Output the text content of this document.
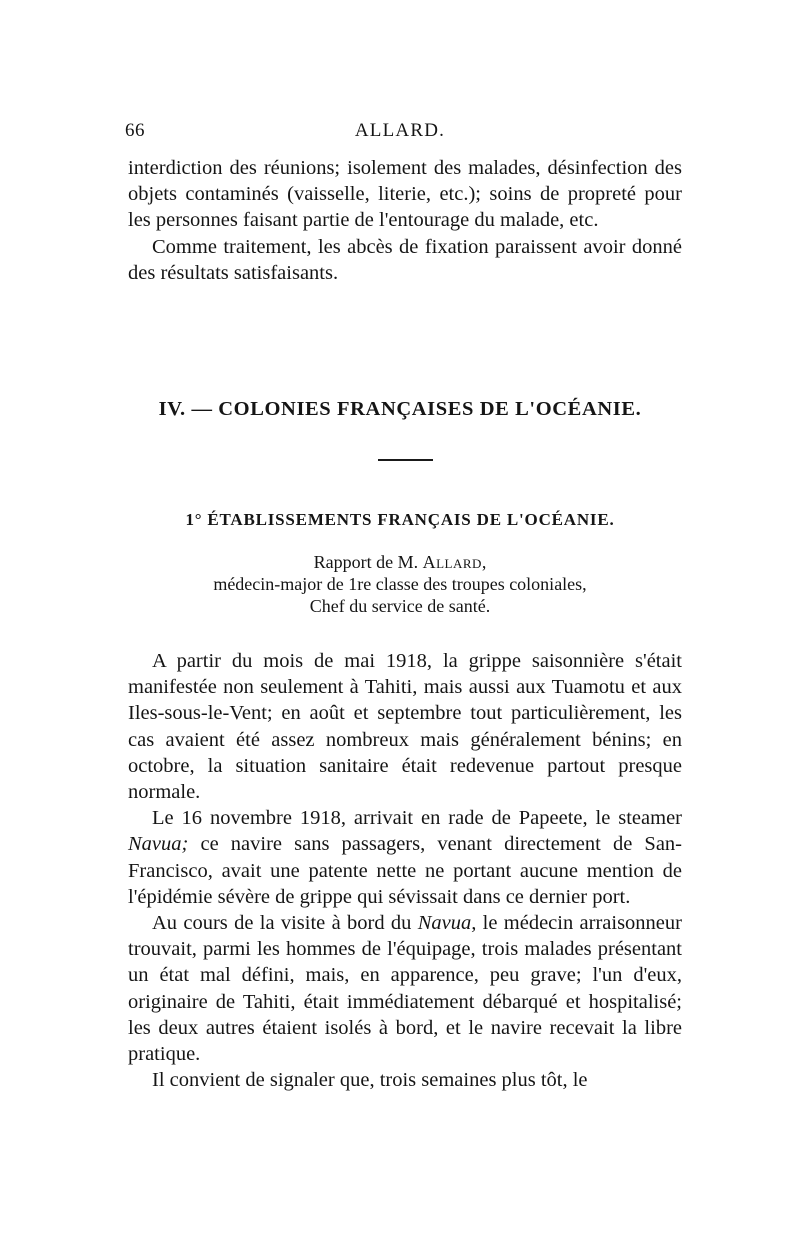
66	ALLARD.

interdiction des réunions; isolement des malades, désinfection des objets contaminés (vaisselle, literie, etc.); soins de propreté pour les personnes faisant partie de l'entourage du malade, etc.

Comme traitement, les abcès de fixation paraissent avoir donné des résultats satisfaisants.

IV. — COLONIES FRANÇAISES DE L'OCÉANIE.
1° ÉTABLISSEMENTS FRANÇAIS DE L'OCÉANIE.

Rapport de M. Allard,

médecin-major de 1re classe des troupes coloniales,

Chef du service de santé.

A partir du mois de mai 1918, la grippe saisonnière s'était manifestée non seulement à Tahiti, mais aussi aux Tuamotu et aux Iles-sous-le-Vent; en août et septembre tout particulièrement, les cas avaient été assez nombreux mais généralement bénins; en octobre, la situation sanitaire était redevenue partout presque normale.

Le 16 novembre 1918, arrivait en rade de Papeete, le steamer Navua; ce navire sans passagers, venant directement de San-Francisco, avait une patente nette ne portant aucune mention de l'épidémie sévère de grippe qui sévissait dans ce dernier port.

Au cours de la visite à bord du Navua, le médecin arraisonneur trouvait, parmi les hommes de l'équipage, trois malades présentant un état mal défini, mais, en apparence, peu grave; l'un d'eux, originaire de Tahiti, était immédiatement débarqué et hospitalisé; les deux autres étaient isolés à bord, et le navire recevait la libre pratique.

Il convient de signaler que, trois semaines plus tôt, le
